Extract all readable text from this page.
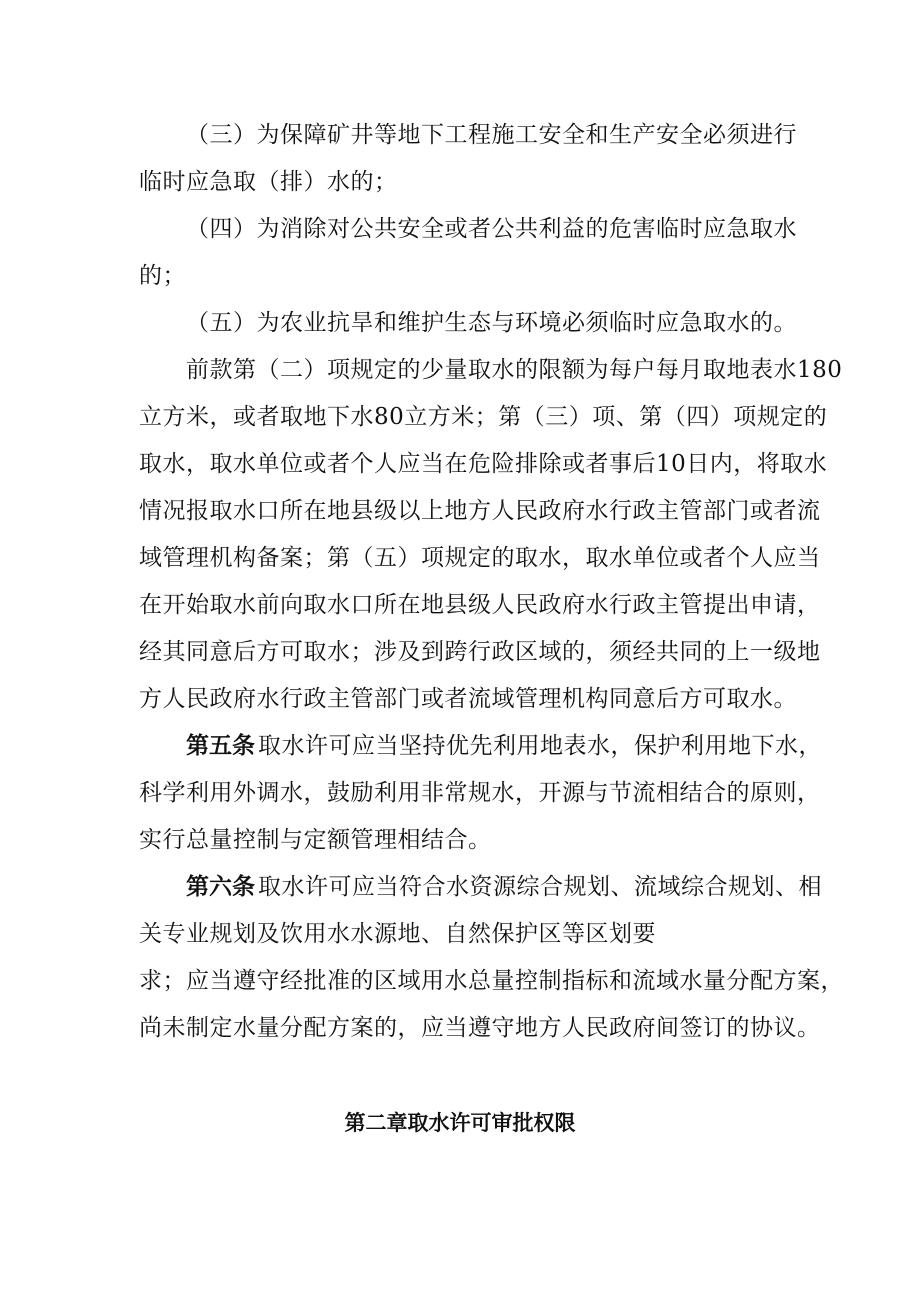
（三）为保障矿井等地下工程施工安全和生产安全必须进行
临时应急取（排）水的；
（四）为消除对公共安全或者公共利益的危害临时应急取水
的；
（五）为农业抗旱和维护生态与环境必须临时应急取水的。
前款第（二）项规定的少量取水的限额为每户每月取地表水180
立方米，或者取地下水80立方米；第（三）项、第（四）项规定的
取水，取水单位或者个人应当在危险排除或者事后10日内，将取水
情况报取水口所在地县级以上地方人民政府水行政主管部门或者流
域管理机构备案；第（五）项规定的取水，取水单位或者个人应当
在开始取水前向取水口所在地县级人民政府水行政主管提出申请，
经其同意后方可取水；涉及到跨行政区域的，须经共同的上一级地
方人民政府水行政主管部门或者流域管理机构同意后方可取水。
第五条 取水许可应当坚持优先利用地表水，保护利用地下水，
科学利用外调水，鼓励利用非常规水，开源与节流相结合的原则，
实行总量控制与定额管理相结合。
第六条 取水许可应当符合水资源综合规划、流域综合规划、相
关专业规划及饮用水水源地、自然保护区等区划要
求；应当遵守经批准的区域用水总量控制指标和流域水量分配方案，
尚未制定水量分配方案的，应当遵守地方人民政府间签订的协议。
第二章取水许可审批权限
